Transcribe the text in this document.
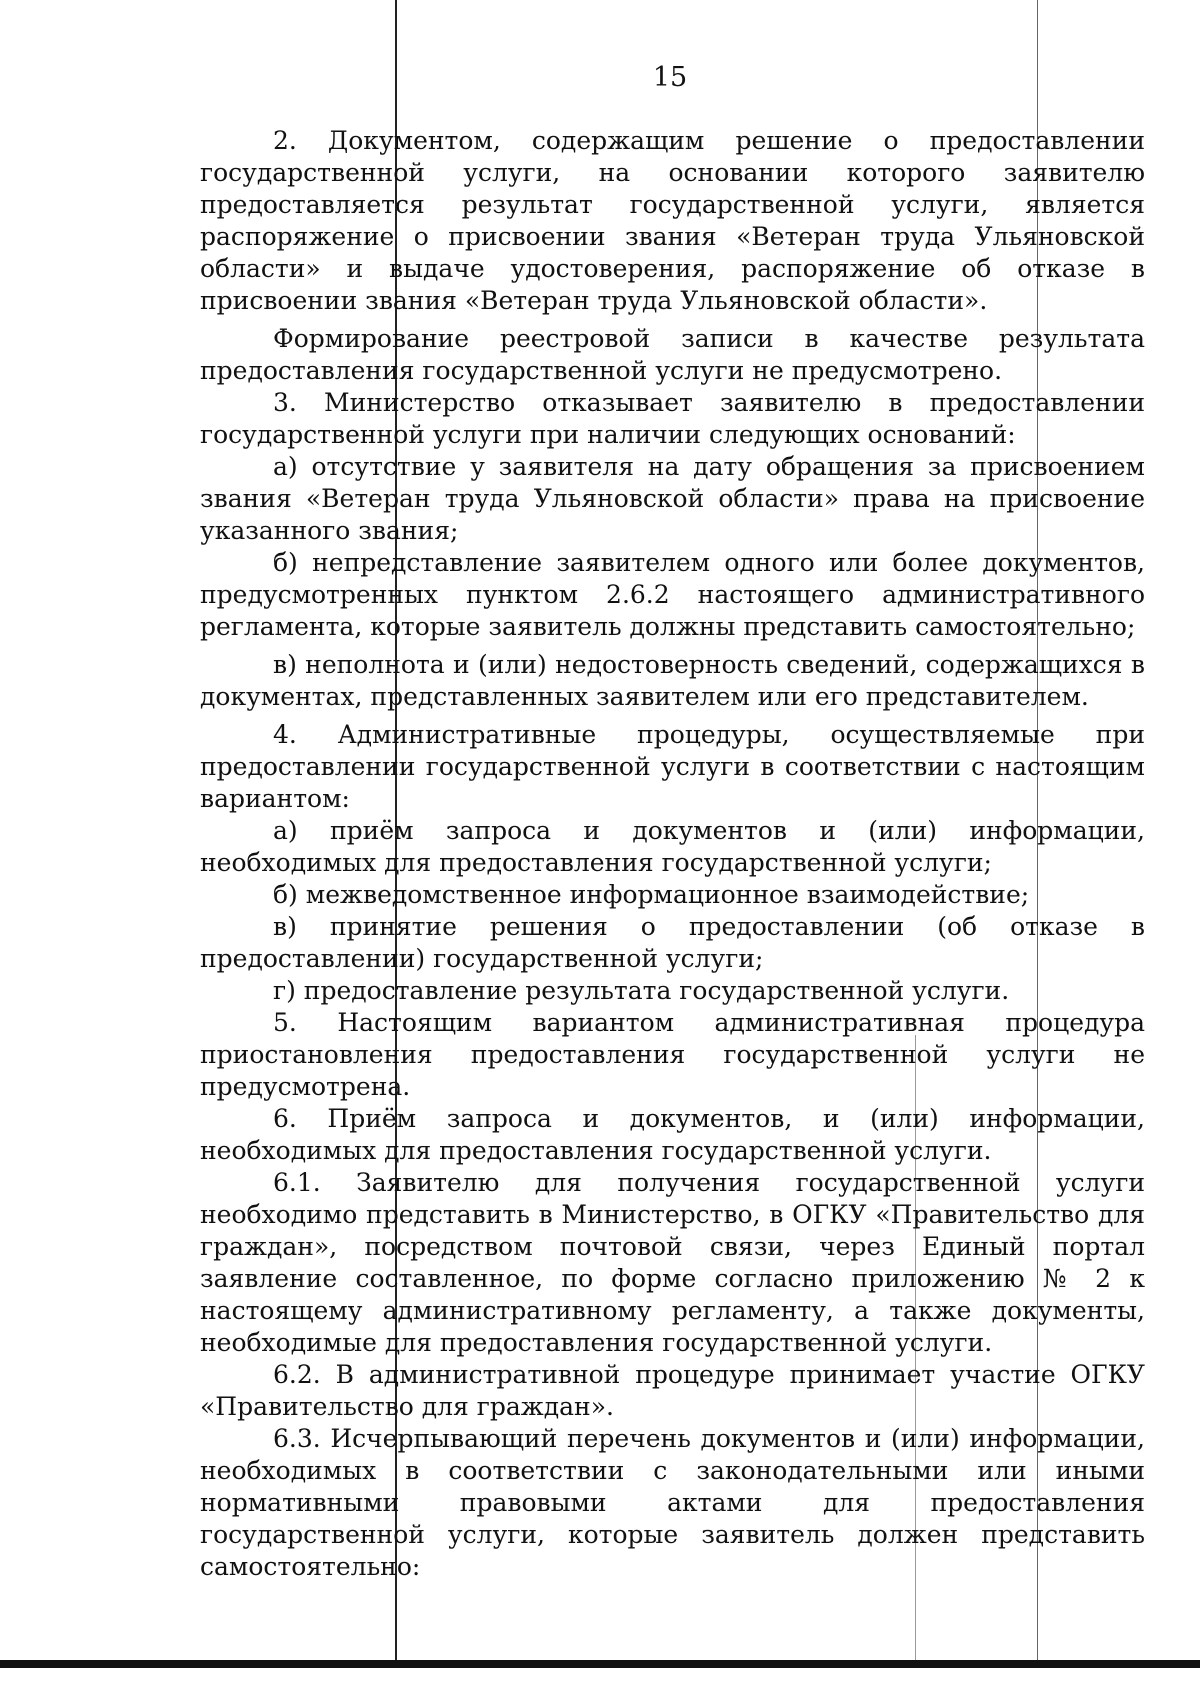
15

2. Документом, содержащим решение о предоставлении государственной услуги, на основании которого заявителю предоставляется результат государственной услуги, является распоряжение о присвоении звания «Ветеран труда Ульяновской области» и выдаче удостоверения, распоряжение об отказе в присвоении звания «Ветеран труда Ульяновской области».

Формирование реестровой записи в качестве результата предоставления государственной услуги не предусмотрено.

3. Министерство отказывает заявителю в предоставлении государственной услуги при наличии следующих оснований:

а) отсутствие у заявителя на дату обращения за присвоением звания «Ветеран труда Ульяновской области» права на присвоение указанного звания;

б) непредставление заявителем одного или более документов, предусмотренных пунктом 2.6.2 настоящего административного регламента, которые заявитель должны представить самостоятельно;

в) неполнота и (или) недостоверность сведений, содержащихся в документах, представленных заявителем или его представителем.

4. Административные процедуры, осуществляемые при предоставлении государственной услуги в соответствии с настоящим вариантом:

а) приём запроса и документов и (или) информации, необходимых для предоставления государственной услуги;

б) межведомственное информационное взаимодействие;

в) принятие решения о предоставлении (об отказе в предоставлении) государственной услуги;

г) предоставление результата государственной услуги.

5. Настоящим вариантом административная процедура приостановления предоставления государственной услуги не предусмотрена.

6. Приём запроса и документов, и (или) информации, необходимых для предоставления государственной услуги.

6.1. Заявителю для получения государственной услуги необходимо представить в Министерство, в ОГКУ «Правительство для граждан», посредством почтовой связи, через Единый портал заявление составленное, по форме согласно приложению № 2 к настоящему административному регламенту, а также документы, необходимые для предоставления государственной услуги.

6.2. В административной процедуре принимает участие ОГКУ «Правительство для граждан».

6.3. Исчерпывающий перечень документов и (или) информации, необходимых в соответствии с законодательными или иными нормативными правовыми актами для предоставления государственной услуги, которые заявитель должен представить самостоятельно:
